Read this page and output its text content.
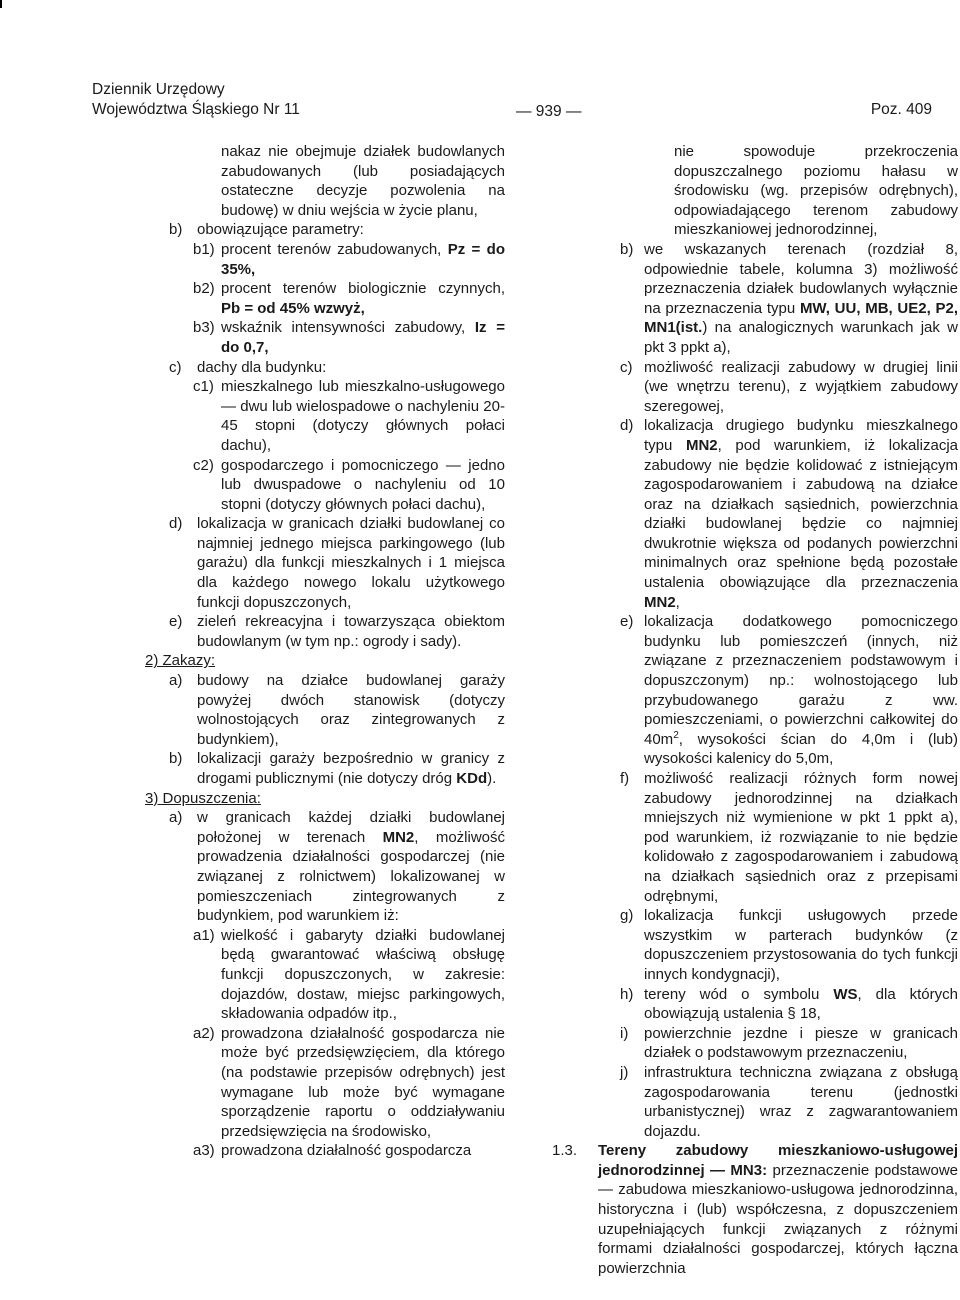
Dziennik Urzędowy
Województwa Śląskiego Nr 11	— 939 —	Poz. 409
nakaz nie obejmuje działek budowlanych zabudowanych (lub posiadających ostateczne decyzje pozwolenia na budowę) w dniu wejścia w życie planu,
b) obowiązujące parametry:
b1) procent terenów zabudowanych, Pz = do 35%,
b2) procent terenów biologicznie czynnych, Pb = od 45% wzwyż,
b3) wskaźnik intensywności zabudowy, Iz = do 0,7,
c) dachy dla budynku:
c1) mieszkalnego lub mieszkalno-usługowego — dwu lub wielospadowe o nachyleniu 20-45 stopni (dotyczy głównych połaci dachu),
c2) gospodarczego i pomocniczego — jedno lub dwuspadowe o nachyleniu od 10 stopni (dotyczy głównych połaci dachu),
d) lokalizacja w granicach działki budowlanej co najmniej jednego miejsca parkingowego (lub garażu) dla funkcji mieszkalnych i 1 miejsca dla każdego nowego lokalu użytkowego funkcji dopuszczonych,
e) zieleń rekreacyjna i towarzysząca obiektom budowlanym (w tym np.: ogrody i sady).
2) Zakazy:
a) budowy na działce budowlanej garaży powyżej dwóch stanowisk (dotyczy wolnostojących oraz zintegrowanych z budynkiem),
b) lokalizacji garaży bezpośrednio w granicy z drogami publicznymi (nie dotyczy dróg KDd).
3) Dopuszczenia:
a) w granicach każdej działki budowlanej położonej w terenach MN2, możliwość prowadzenia działalności gospodarczej (nie związanej z rolnictwem) lokalizowanej w pomieszczeniach zintegrowanych z budynkiem, pod warunkiem iż:
a1) wielkość i gabaryty działki budowlanej będą gwarantować właściwą obsługę funkcji dopuszczonych, w zakresie: dojazdów, dostaw, miejsc parkingowych, składowania odpadów itp.,
a2) prowadzona działalność gospodarcza nie może być przedsięwzięciem, dla którego (na podstawie przepisów odrębnych) jest wymagane lub może być wymagane sporządzenie raportu o oddziaływaniu przedsięwzięcia na środowisko,
a3) prowadzona działalność gospodarcza
nie spowoduje przekroczenia dopuszczalnego poziomu hałasu w środowisku (wg. przepisów odrębnych), odpowiadającego terenom zabudowy mieszkaniowej jednorodzinnej,
b) we wskazanych terenach (rozdział 8, odpowiednie tabele, kolumna 3) możliwość przeznaczenia działek budowlanych wyłącznie na przeznaczenia typu MW, UU, MB, UE2, P2, MN1(ist.) na analogicznych warunkach jak w pkt 3 ppkt a),
c) możliwość realizacji zabudowy w drugiej linii (we wnętrzu terenu), z wyjątkiem zabudowy szeregowej,
d) lokalizacja drugiego budynku mieszkalnego typu MN2, pod warunkiem, iż lokalizacja zabudowy nie będzie kolidować z istniejącym zagospodarowaniem i zabudową na działce oraz na działkach sąsiednich, powierzchnia działki budowlanej będzie co najmniej dwukrotnie większa od podanych powierzchni minimalnych oraz spełnione będą pozostałe ustalenia obowiązujące dla przeznaczenia MN2,
e) lokalizacja dodatkowego pomocniczego budynku lub pomieszczeń (innych, niż związane z przeznaczeniem podstawowym i dopuszczonym) np.: wolnostojącego lub przybudowanego garażu z ww. pomieszczeniami, o powierzchni całkowitej do $40m^2$, wysokości ścian do 4,0m i (lub) wysokości kalenicy do 5,0m,
f) możliwość realizacji różnych form nowej zabudowy jednorodzinnej na działkach mniejszych niż wymienione w pkt 1 ppkt a), pod warunkiem, iż rozwiązanie to nie będzie kolidowało z zagospodarowaniem i zabudową na działkach sąsiednich oraz z przepisami odrębnymi,
g) lokalizacja funkcji usługowych przede wszystkim w parterach budynków (z dopuszczeniem przystosowania do tych funkcji innych kondygnacji),
h) tereny wód o symbolu WS, dla których obowiązują ustalenia § 18,
i) powierzchnie jezdne i piesze w granicach działek o podstawowym przeznaczeniu,
j) infrastruktura techniczna związana z obsługą zagospodarowania terenu (jednostki urbanistycznej) wraz z zagwarantowaniem dojazdu.
1.3. Tereny zabudowy mieszkaniowo-usługowej jednorodzinnej — MN3: przeznaczenie podstawowe — zabudowa mieszkaniowo-usługowa jednorodzinna, historyczna i (lub) współczesna, z dopuszczeniem uzupełniających funkcji związanych z różnymi formami działalności gospodarczej, których łączna powierzchnia
